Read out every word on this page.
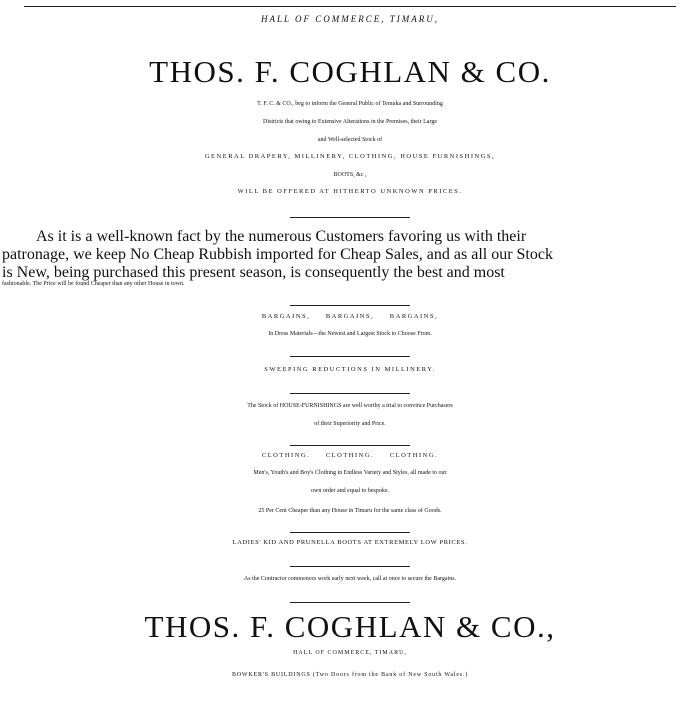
HALL OF COMMERCE, TIMARU,
THOS. F. COGHLAN & CO.
T. F. C. & CO., beg to inform the General Public of Temuka and Surrounding
Districts that owing to Extensive Alterations in the Premises, their Large
and Well-selected Stock of
GENERAL DRAPERY, MILLINERY, CLOTHING, HOUSE FURNISHINGS,
BOOTS, &c ,
WILL BE OFFERED AT HITHERTO UNKNOWN PRICES.
As it is a well-known fact by the numerous Customers favoring us with their
patronage, we keep No Cheap Rubbish imported for Cheap Sales, and as all our Stock
is New, being purchased this present season, is consequently the best and most
fashionable. The Price will be found Cheaper than any other House in town.
BARGAINS,     BARGAINS,     BARGAINS,
In Dress Materials—the Newest and Largest Stock to Choose From.
SWEEPING REDUCTIONS IN MILLINERY.
The Stock of HOUSE-FURNISHINGS are well worthy a trial to convince Purchasers
of their Superiority and Price.
CLOTHING.     CLOTHING.     CLOTHING.
Men's, Youth's and Boy's Clothing in Endless Variety and Styles, all made to our
own order and equal to bespoke.
25 Per Cent Cheaper than any House in Timaru for the same class of Goods.
LADIES' KID AND PRUNELLA BOOTS AT EXTREMELY LOW PRICES.
As the Contractor commences work early next week, call at once to secure the Bargains.
THOS. F. COGHLAN & CO.,
HALL OF COMMERCE, TIMARU,
BOWKER'S BUILDINGS (Two Doors from the Bank of New South Wales.)
